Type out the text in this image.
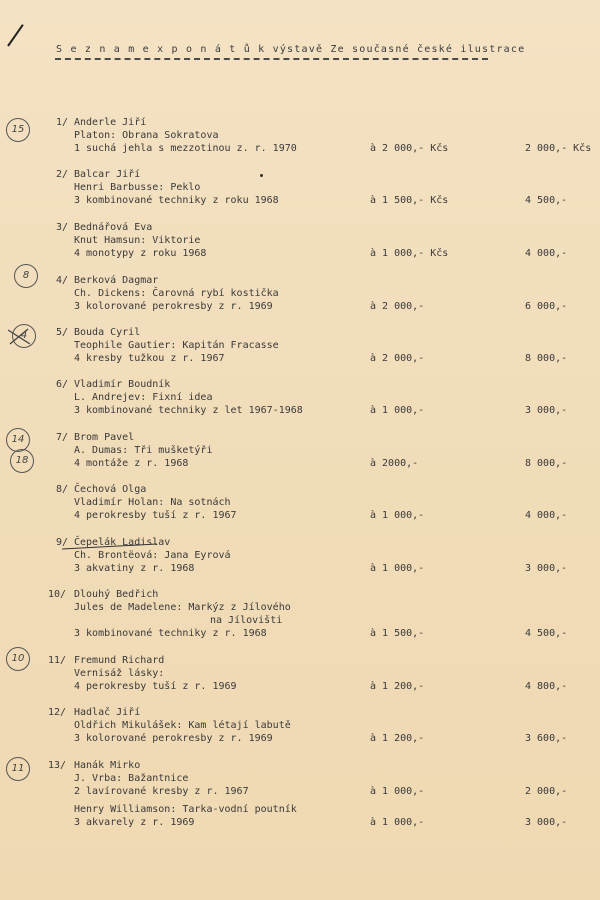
S e z n a m e x p o n á t ů k výstavě Ze současné české ilustrace
15
8
4
14
18
10
11
1/ Anderle Jiří
Platon: Obrana Sokratova
1 suchá jehla s mezzotinou z. r. 1970	à 2 000,- Kčs	2 000,- Kčs
2/ Balcar Jiří
Henri Barbusse: Peklo
3 kombinované techniky z roku 1968	à 1 500,- Kčs	4 500,-
3/ Bednářová Eva
Knut Hamsun: Viktorie
4 monotypy z roku 1968	à 1 000,- Kčs	4 000,-
4/ Berková Dagmar
Ch. Dickens: Čarovná rybí kostička
3 kolorované perokresby z r. 1969	à 2 000,-	6 000,-
5/ Bouda Cyril
Teophile Gautier: Kapitán Fracasse
4 kresby tužkou z r. 1967	à 2 000,-	8 000,-
6/ Vladimír Boudník
L. Andrejev: Fixní idea
3 kombinované techniky z let 1967-1968	à 1 000,-	3 000,-
7/ Brom Pavel
A. Dumas: Tři mušketýři
4 montáže z r. 1968	à 2000,-	8 000,-
8/ Čechová Olga
Vladimír Holan: Na sotnách
4 perokresby tuší z r. 1967	à 1 000,-	4 000,-
9/ Čepelák Ladislav
Ch. Brontëová: Jana Eyrová
3 akvatiny z r. 1968	à 1 000,-	3 000,-
10/ Dlouhý Bedřich
Jules de Madelene: Markýz z Jílového
na Jílovišti
3 kombinované techniky z r. 1968	à 1 500,-	4 500,-
11/ Fremund Richard
Vernisáž lásky:
4 perokresby tuší z r. 1969	à 1 200,-	4 800,-
12/ Hadlač Jiří
Oldřich Mikulášek: Kam létají labutě
3 kolorované perokresby z r. 1969	à 1 200,-	3 600,-
13/ Hanák Mirko
J. Vrba: Bažantnice
2 lavírované kresby z r. 1967	à 1 000,-	2 000,-
Henry Williamson: Tarka-vodní poutník
3 akvarely z r. 1969	à 1 000,-	3 000,-
